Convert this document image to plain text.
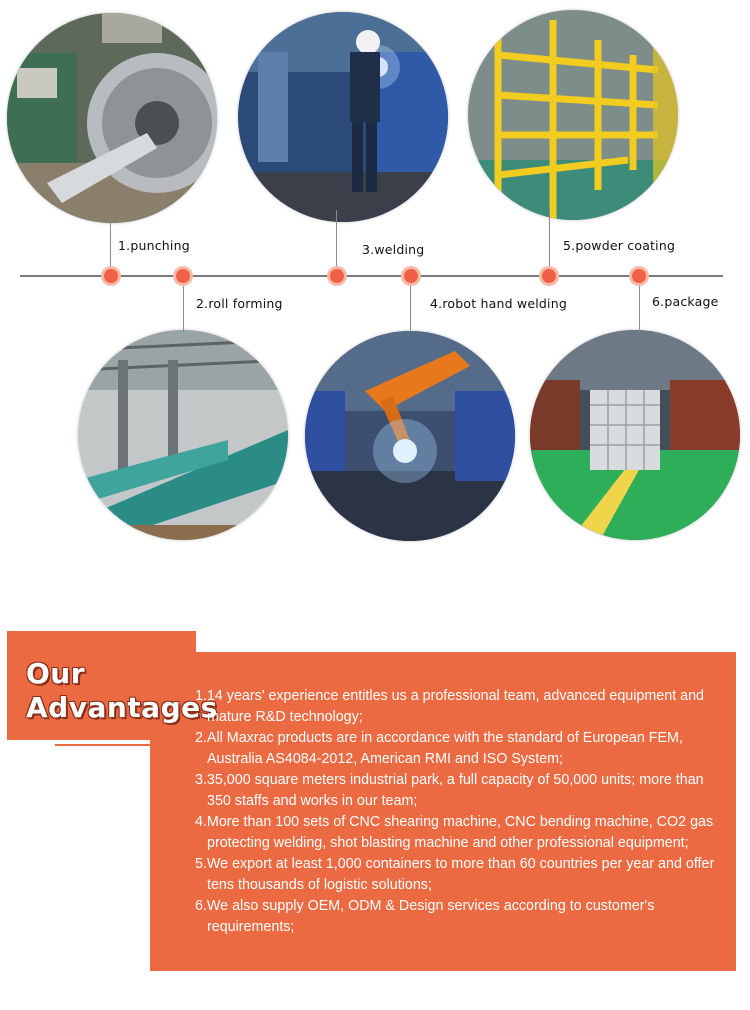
1.punching
2.roll forming
3.welding
4.robot hand welding
5.powder coating
6.package
Our
Advantages
1.14 years' experience entitles us a professional team, advanced equipment and mature R&D technology;
2.All Maxrac products are in accordance with the standard of European FEM, Australia AS4084-2012, American RMI and ISO System;
3.35,000 square meters industrial park, a full capacity of 50,000 units; more than 350 staffs and works in our team;
4.More than 100 sets of CNC shearing machine, CNC bending machine, CO2 gas protecting welding, shot blasting machine and other professional equipment;
5.We export at least 1,000 containers to more than 60 countries per year and offer tens thousands of logistic solutions;
6.We also supply OEM, ODM & Design services according to customer's requirements;
